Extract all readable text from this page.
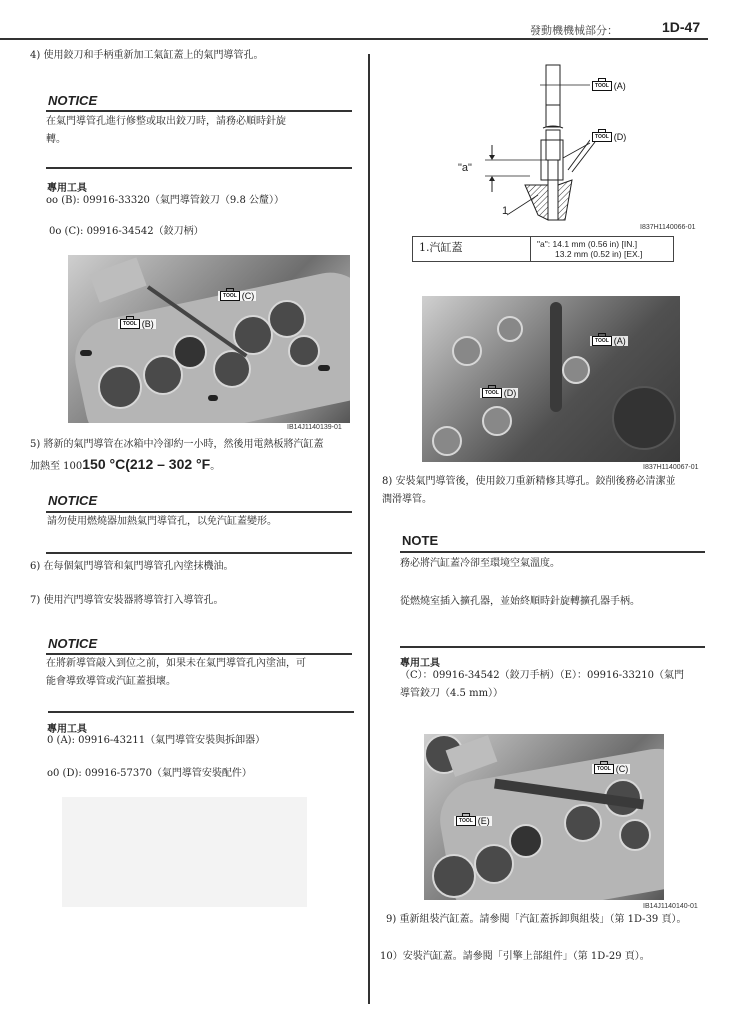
發動機機械部分：	1D-47
4) 使用鉸刀和手柄重新加工氣缸蓋上的氣門導管孔。
NOTICE
在氣門導管孔進行修整或取出鉸刀時，請務必順時針旋
轉。
專用工具
oo (B): 09916-33320（氣門導管鉸刀（9.8 公釐））
0o (C): 09916-34542（鉸刀柄）
TOOL (C)
TOOL (B)
IB14J1140139-01
5) 將新的氣門導管在冰箱中冷卻約一小時，然後用電熱板將汽缸蓋
加熱至 100150 °C(212 – 302 °F。
NOTICE
請勿使用燃燒器加熱氣門導管孔，以免汽缸蓋變形。
6) 在每個氣門導管和氣門導管孔內塗抹機油。
7) 使用汽門導管安裝器將導管打入導管孔。
NOTICE
在將新導管敲入到位之前，如果未在氣門導管孔內塗油，可
能會導致導管或汽缸蓋損壞。
專用工具
0 (A): 09916-43211（氣門導管安裝與拆卸器）
o0 (D): 09916-57370（氣門導管安裝配件）
TOOL (A)
TOOL (D)
"a"
1
I837H1140066-01
1.汽缸蓋	"a": 14.1 mm (0.56 in) [IN.]
13.2 mm (0.52 in) [EX.]
TOOL (A)
TOOL (D)
I837H1140067-01
8) 安裝氣門導管後，使用鉸刀重新精修其導孔。鉸削後務必清潔並
潤滑導管。
NOTE
務必將汽缸蓋冷卻至環境空氣溫度。
從燃燒室插入擴孔器，並始終順時針旋轉擴孔器手柄。
專用工具
（C）：09916-34542（鉸刀手柄）（E）：09916-33210（氣門
導管鉸刀（4.5 mm））
TOOL (C)
TOOL (E)
IB14J1140140-01
9) 重新組裝汽缸蓋。請參閱「汽缸蓋拆卸與組裝」（第 1D-39 頁）。
10）安裝汽缸蓋。請參閱「引擎上部組件」（第 1D-29 頁）。
